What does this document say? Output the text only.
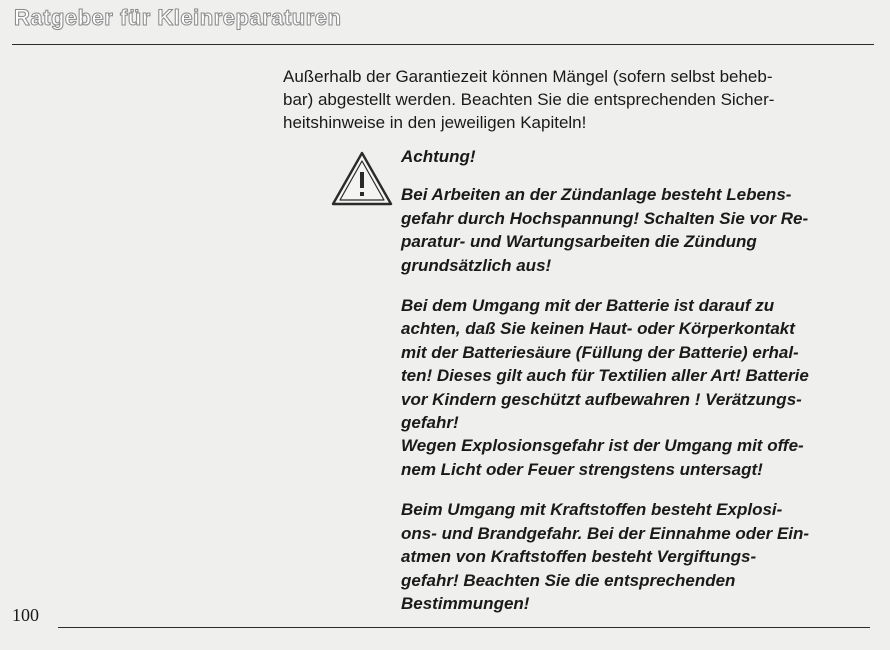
Ratgeber für Kleinreparaturen
Außerhalb der Garantiezeit können Mängel (sofern selbst beheb-
bar) abgestellt werden. Beachten Sie die entsprechenden Sicher-
heitshinweise in den jeweiligen Kapiteln!

Achtung!

Bei Arbeiten an der Zündanlage besteht Lebens-
gefahr durch Hochspannung! Schalten Sie vor Re-
paratur- und Wartungsarbeiten die Zündung
grundsätzlich aus!

Bei dem Umgang mit der Batterie ist darauf zu
achten, daß Sie keinen Haut- oder Körperkontakt
mit der Batteriesäure (Füllung der Batterie) erhal-
ten! Dieses gilt auch für Textilien aller Art! Batterie
vor Kindern geschützt aufbewahren ! Verätzungs-
gefahr!

Wegen Explosionsgefahr ist der Umgang mit offe-
nem Licht oder Feuer strengstens untersagt!

Beim Umgang mit Kraftstoffen besteht Explosi-
ons- und Brandgefahr. Bei der Einnahme oder Ein-
atmen von Kraftstoffen besteht Vergiftungs-
gefahr! Beachten Sie die entsprechenden
Bestimmungen!

100
